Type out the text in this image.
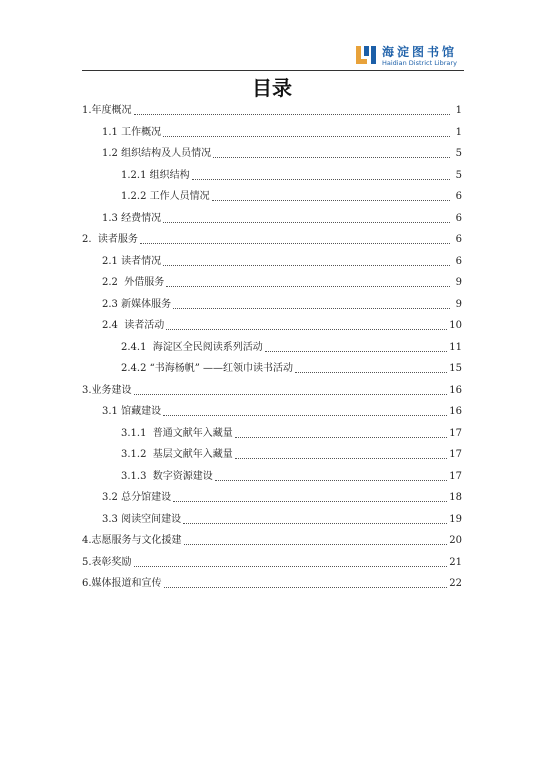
海淀图书馆
Haidian District Library
目录
1.年度概况	1
1.1 工作概况	1
1.2 组织结构及人员情况	5
1.2.1 组织结构	5
1.2.2 工作人员情况	6
1.3 经费情况	6
2.  读者服务	6
2.1 读者情况	6
2.2  外借服务	9
2.3 新媒体服务	9
2.4  读者活动	10
2.4.1  海淀区全民阅读系列活动	11
2.4.2 “书海杨帆” ——红领巾读书活动	15
3.业务建设	16
3.1 馆藏建设	16
3.1.1  普通文献年入藏量	17
3.1.2  基层文献年入藏量	17
3.1.3  数字资源建设	17
3.2 总分馆建设	18
3.3 阅读空间建设	19
4.志愿服务与文化援建	20
5.表彰奖励	21
6.媒体报道和宣传	22
